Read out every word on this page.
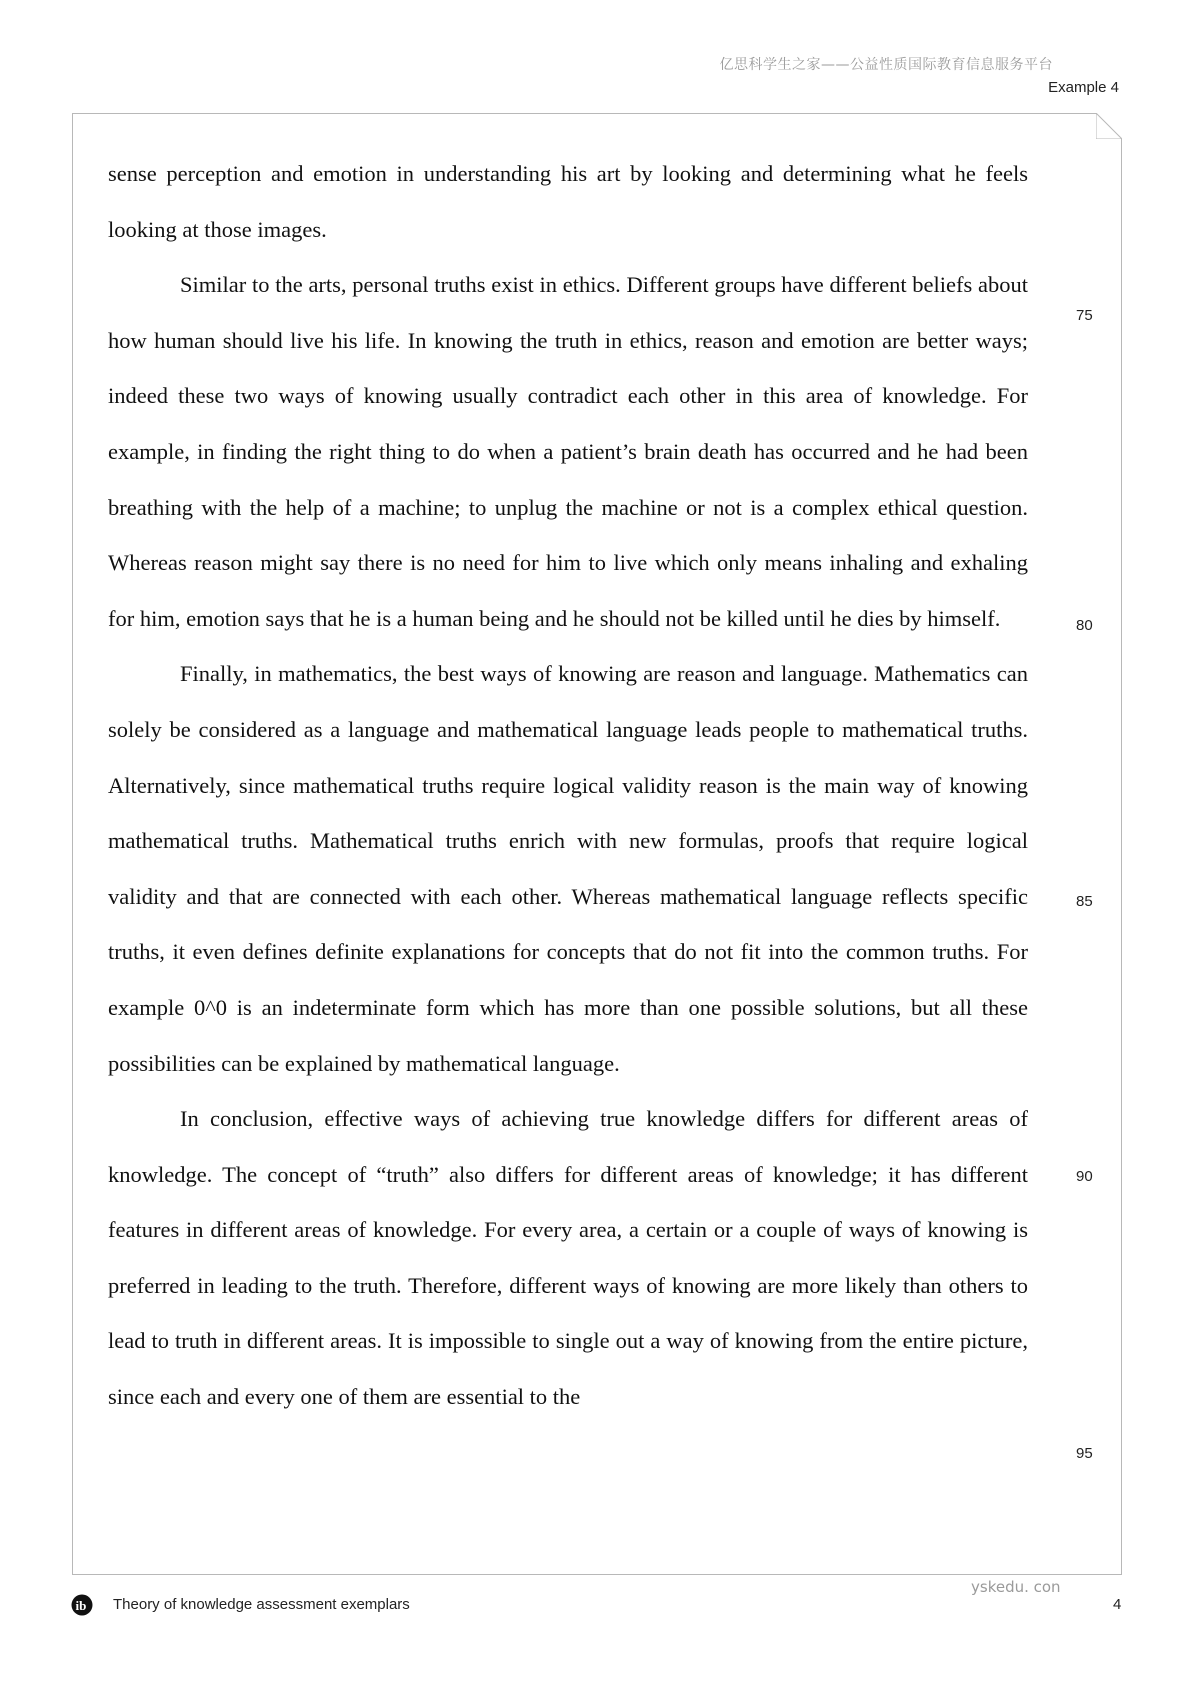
亿思科学生之家——公益性质国际教育信息服务平台
Example 4

sense perception and emotion in understanding his art by looking and determining what he feels looking at those images.

Similar to the arts, personal truths exist in ethics. Different groups have different beliefs about how human should live his life. In knowing the truth in ethics, reason and emotion are better ways; indeed these two ways of knowing usually contradict each other in this area of knowledge. For example, in finding the right thing to do when a patient’s brain death has occurred and he had been breathing with the help of a machine; to unplug the machine or not is a complex ethical question. Whereas reason might say there is no need for him to live which only means inhaling and exhaling for him, emotion says that he is a human being and he should not be killed until he dies by himself.

Finally, in mathematics, the best ways of knowing are reason and language. Mathematics can solely be considered as a language and mathematical language leads people to mathematical truths. Alternatively, since mathematical truths require logical validity reason is the main way of knowing mathematical truths. Mathematical truths enrich with new formulas, proofs that require logical validity and that are connected with each other. Whereas mathematical language reflects specific truths, it even defines definite explanations for concepts that do not fit into the common truths. For example 0^0 is an indeterminate form which has more than one possible solutions, but all these possibilities can be explained by mathematical language.

In conclusion, effective ways of achieving true knowledge differs for different areas of knowledge. The concept of “truth” also differs for different areas of knowledge; it has different features in different areas of knowledge. For every area, a certain or a couple of ways of knowing is preferred in leading to the truth. Therefore, different ways of knowing are more likely than others to lead to truth in different areas. It is impossible to single out a way of knowing from the entire picture, since each and every one of them are essential to the

75
80
85
90
95
ib Theory of knowledge assessment exemplars
yskedu. con
4
